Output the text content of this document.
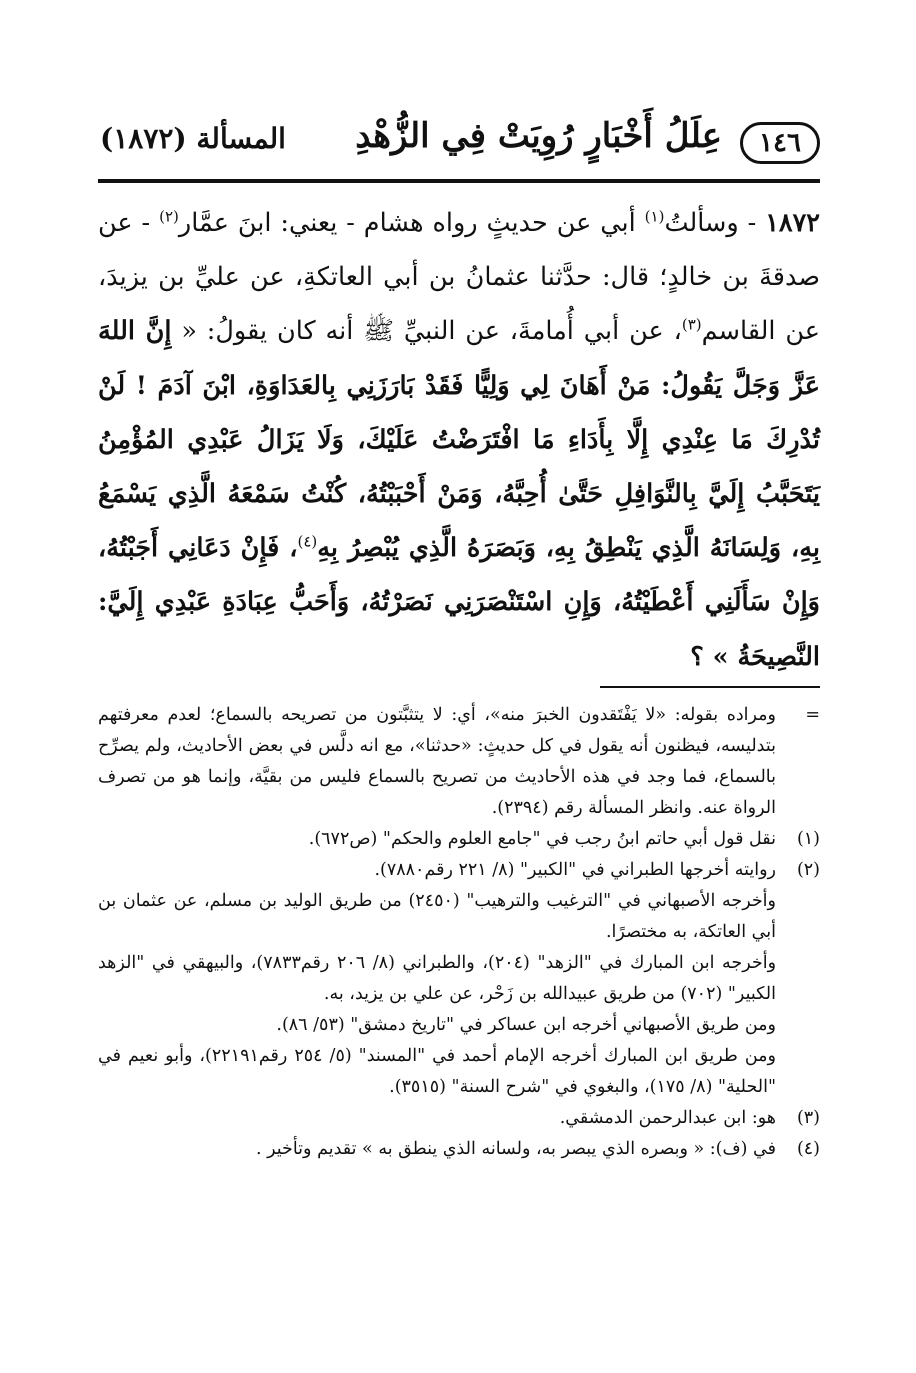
١٤٦
عِلَلُ أَخْبَارٍ رُوِيَتْ فِي الزُّهْدِ
المسألة (١٨٧٢)

١٨٧٢ - وسألتُ$^{(١)}$ أبي عن حديثٍ رواه هشام - يعني: ابنَ عمَّار$^{(٢)}$ - عن صدقةَ بن خالدٍ؛ قال: حدَّثنا عثمانُ بن أبي العاتكةِ، عن عليِّ بن يزيدَ، عن القاسم$^{(٣)}$، عن أبي أُمامةَ، عن النبيِّ ﷺ أنه كان يقولُ: « إِنَّ اللهَ عَزَّ وَجَلَّ يَقُولُ: مَنْ أَهَانَ لِي وَلِيًّا فَقَدْ بَارَزَنِي بِالعَدَاوَةِ، ابْنَ آدَمَ ! لَنْ تُدْرِكَ مَا عِنْدِي إِلَّا بِأَدَاءِ مَا افْتَرَضْتُ عَلَيْكَ، وَلَا يَزَالُ عَبْدِي المُؤْمِنُ يَتَحَبَّبُ إِلَيَّ بِالنَّوَافِلِ حَتَّىٰ أُحِبَّهُ، وَمَنْ أَحْبَبْتُهُ، كُنْتُ سَمْعَهُ الَّذِي يَسْمَعُ بِهِ، وَلِسَانَهُ الَّذِي يَنْطِقُ بِهِ، وَبَصَرَهُ الَّذِي يُبْصِرُ بِهِ$^{(٤)}$، فَإِنْ دَعَانِي أَجَبْتُهُ، وَإِنْ سَأَلَنِي أَعْطَيْتُهُ، وَإِنِ اسْتَنْصَرَنِي نَصَرْتُهُ، وَأَحَبُّ عِبَادَةِ عَبْدِي إِلَيَّ: النَّصِيحَةُ » ؟

=

ومراده بقوله: «لا يَفْتَقدون الخبرَ منه»، أي: لا يتثبَّتون من تصريحه بالسماع؛ لعدم معرفتهم بتدليسه، فيظنون أنه يقول في كل حديثٍ: «حدثنا»، مع انه دلَّس في بعض الأحاديث، ولم يصرِّح بالسماع، فما وجد في هذه الأحاديث من تصريح بالسماع فليس من بقيَّة، وإنما هو من تصرف الرواة عنه. وانظر المسألة رقم (٢٣٩٤).

(١)

نقل قول أبي حاتم ابنُ رجب في "جامع العلوم والحكم" (ص٦٧٢).

(٢)

روايته أخرجها الطبراني في "الكبير" (٨/ ٢٢١ رقم٧٨٨٠).

وأخرجه الأصبهاني في "الترغيب والترهيب" (٢٤٥٠) من طريق الوليد بن مسلم، عن عثمان بن أبي العاتكة، به مختصرًا.

وأخرجه ابن المبارك في "الزهد" (٢٠٤)، والطبراني (٨/ ٢٠٦ رقم٧٨٣٣)، والبيهقي في "الزهد الكبير" (٧٠٢) من طريق عبيدالله بن زَحْر، عن علي بن يزيد، به.

ومن طريق الأصبهاني أخرجه ابن عساكر في "تاريخ دمشق" (٥٣/ ٨٦).

ومن طريق ابن المبارك أخرجه الإمام أحمد في "المسند" (٥/ ٢٥٤ رقم٢٢١٩١)، وأبو نعيم في "الحلية" (٨/ ١٧٥)، والبغوي في "شرح السنة" (٣٥١٥).

(٣)

هو: ابن عبدالرحمن الدمشقي.

(٤)

في (ف): « وبصره الذي يبصر به، ولسانه الذي ينطق به » تقديم وتأخير .
